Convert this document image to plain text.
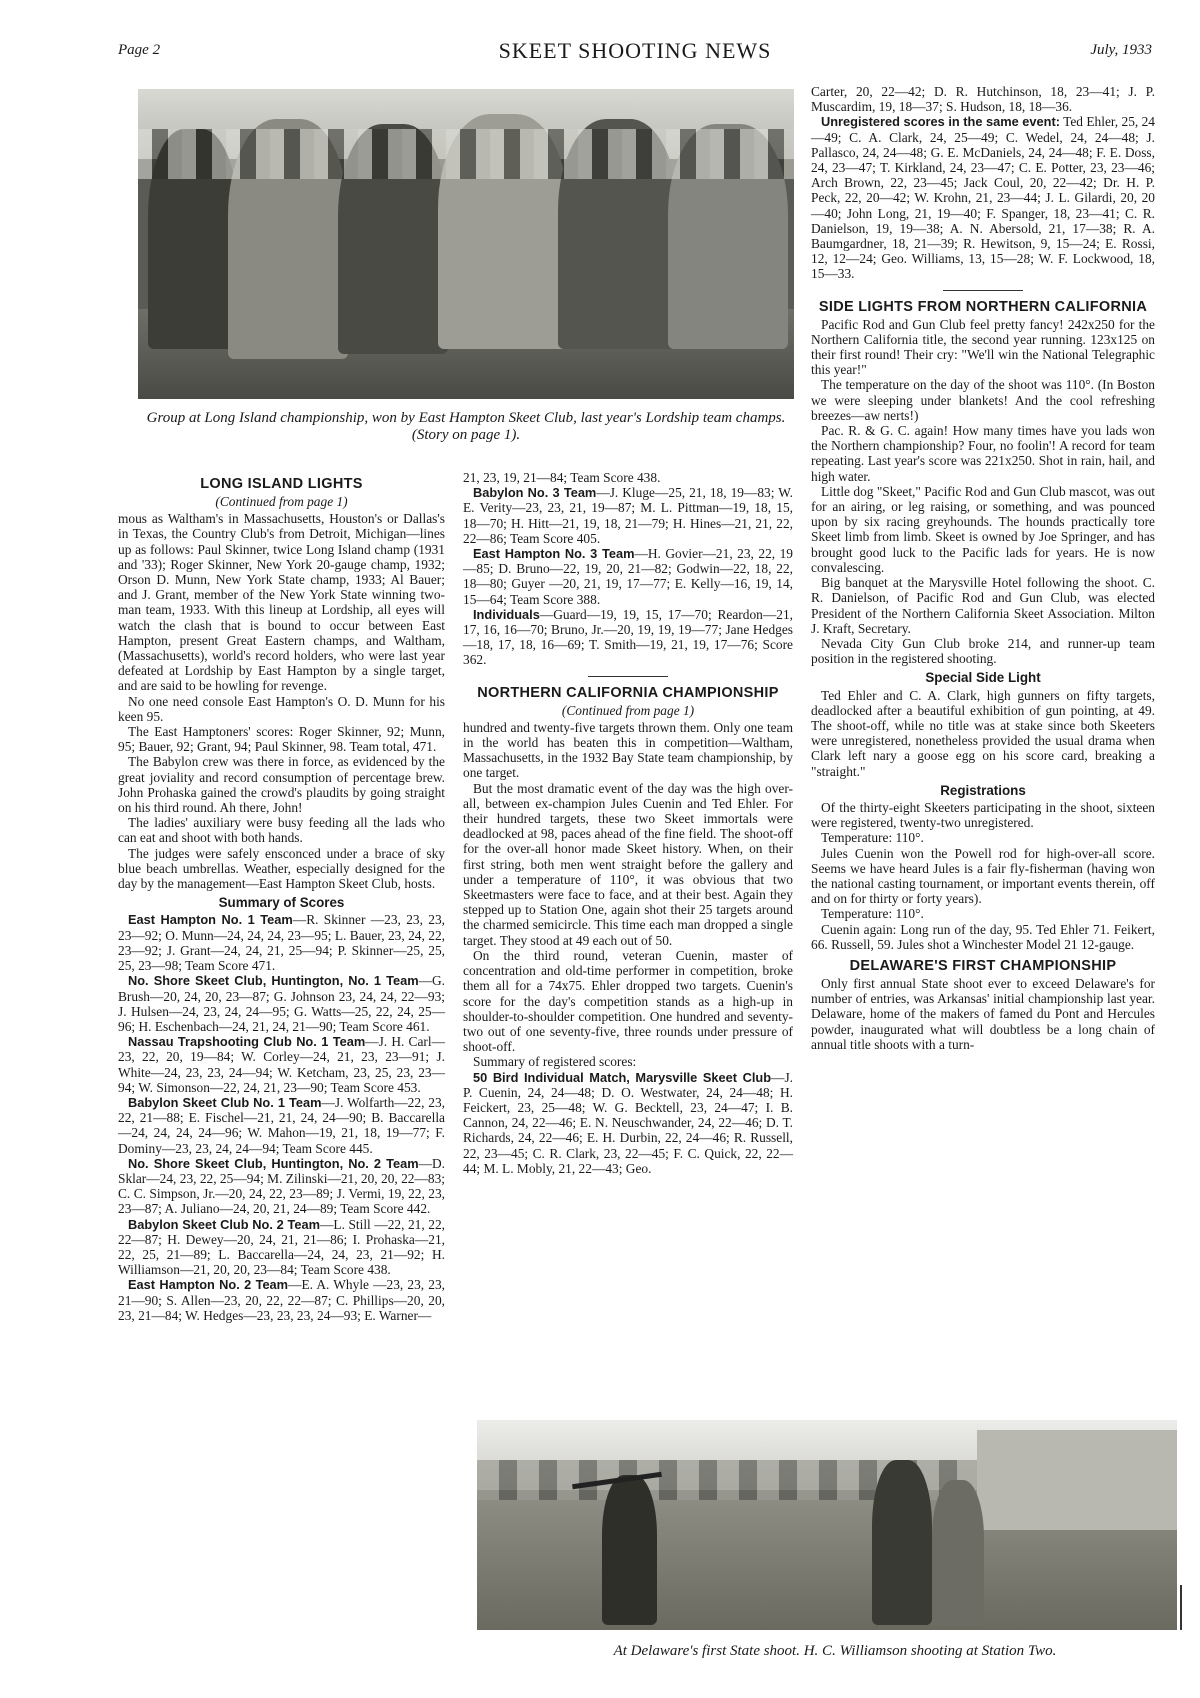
Page 2	SKEET SHOOTING NEWS	July, 1933
Group at Long Island championship, won by East Hampton Skeet Club, last year's Lordship team champs. (Story on page 1).
LONG ISLAND LIGHTS
(Continued from page 1)

mous as Waltham's in Massachusetts, Houston's or Dallas's in Texas, the Country Club's from Detroit, Michigan—lines up as follows: Paul Skinner, twice Long Island champ (1931 and '33); Roger Skinner, New York 20-gauge champ, 1932; Orson D. Munn, New York State champ, 1933; Al Bauer; and J. Grant, member of the New York State winning two-man team, 1933. With this lineup at Lordship, all eyes will watch the clash that is bound to occur between East Hampton, present Great Eastern champs, and Waltham, (Massachusetts), world's record holders, who were last year defeated at Lordship by East Hampton by a single target, and are said to be howling for revenge.

No one need console East Hampton's O. D. Munn for his keen 95.

The East Hamptoners' scores: Roger Skinner, 92; Munn, 95; Bauer, 92; Grant, 94; Paul Skinner, 98. Team total, 471.

The Babylon crew was there in force, as evidenced by the great joviality and record consumption of percentage brew. John Prohaska gained the crowd's plaudits by going straight on his third round. Ah there, John!

The ladies' auxiliary were busy feeding all the lads who can eat and shoot with both hands.

The judges were safely ensconced under a brace of sky blue beach umbrellas. Weather, especially designed for the day by the management—East Hampton Skeet Club, hosts.

Summary of Scores

East Hampton No. 1 Team—R. Skinner —23, 23, 23, 23—92; O. Munn—24, 24, 24, 23—95; L. Bauer, 23, 24, 22, 23—92; J. Grant—24, 24, 21, 25—94; P. Skinner—25, 25, 25, 23—98; Team Score 471.

No. Shore Skeet Club, Huntington, No. 1 Team—G. Brush—20, 24, 20, 23—87; G. Johnson 23, 24, 24, 22—93; J. Hulsen—24, 23, 24, 24—95; G. Watts—25, 22, 24, 25—96; H. Eschenbach—24, 21, 24, 21—90; Team Score 461.

Nassau Trapshooting Club No. 1 Team—J. H. Carl—23, 22, 20, 19—84; W. Corley—24, 21, 23, 23—91; J. White—24, 23, 23, 24—94; W. Ketcham, 23, 25, 23, 23—94; W. Simonson—22, 24, 21, 23—90; Team Score 453.

Babylon Skeet Club No. 1 Team—J. Wolfarth—22, 23, 22, 21—88; E. Fischel—21, 21, 24, 24—90; B. Baccarella—24, 24, 24, 24—96; W. Mahon—19, 21, 18, 19—77; F. Dominy—23, 23, 24, 24—94; Team Score 445.

No. Shore Skeet Club, Huntington, No. 2 Team—D. Sklar—24, 23, 22, 25—94; M. Zilinski—21, 20, 20, 22—83; C. C. Simpson, Jr.—20, 24, 22, 23—89; J. Vermi, 19, 22, 23, 23—87; A. Juliano—24, 20, 21, 24—89; Team Score 442.

Babylon Skeet Club No. 2 Team—L. Still —22, 21, 22, 22—87; H. Dewey—20, 24, 21, 21—86; I. Prohaska—21, 22, 25, 21—89; L. Baccarella—24, 24, 23, 21—92; H. Williamson—21, 20, 20, 23—84; Team Score 438.

East Hampton No. 2 Team—E. A. Whyle —23, 23, 23, 21—90; S. Allen—23, 20, 22, 22—87; C. Phillips—20, 20, 23, 21—84; W. Hedges—23, 23, 23, 24—93; E. Warner—

21, 23, 19, 21—84; Team Score 438.

Babylon No. 3 Team—J. Kluge—25, 21, 18, 19—83; W. E. Verity—23, 23, 21, 19—87; M. L. Pittman—19, 18, 15, 18—70; H. Hitt—21, 19, 18, 21—79; H. Hines—21, 21, 22, 22—86; Team Score 405.

East Hampton No. 3 Team—H. Govier—21, 23, 22, 19—85; D. Bruno—22, 19, 20, 21—82; Godwin—22, 18, 22, 18—80; Guyer —20, 21, 19, 17—77; E. Kelly—16, 19, 14, 15—64; Team Score 388.

Individuals—Guard—19, 19, 15, 17—70; Reardon—21, 17, 16, 16—70; Bruno, Jr.—20, 19, 19, 19—77; Jane Hedges—18, 17, 18, 16—69; T. Smith—19, 21, 19, 17—76; Score 362.

NORTHERN CALIFORNIA CHAMPIONSHIP
(Continued from page 1)

hundred and twenty-five targets thrown them. Only one team in the world has beaten this in competition—Waltham, Massachusetts, in the 1932 Bay State team championship, by one target.

But the most dramatic event of the day was the high over-all, between ex-champion Jules Cuenin and Ted Ehler. For their hundred targets, these two Skeet immortals were deadlocked at 98, paces ahead of the fine field. The shoot-off for the over-all honor made Skeet history. When, on their first string, both men went straight before the gallery and under a temperature of 110°, it was obvious that two Skeetmasters were face to face, and at their best. Again they stepped up to Station One, again shot their 25 targets around the charmed semicircle. This time each man dropped a single target. They stood at 49 each out of 50.

On the third round, veteran Cuenin, master of concentration and old-time performer in competition, broke them all for a 74x75. Ehler dropped two targets. Cuenin's score for the day's competition stands as a high-up in shoulder-to-shoulder competition. One hundred and seventy-two out of one seventy-five, three rounds under pressure of shoot-off.

Summary of registered scores:

50 Bird Individual Match, Marysville Skeet Club—J. P. Cuenin, 24, 24—48; D. O. Westwater, 24, 24—48; H. Feickert, 23, 25—48; W. G. Becktell, 23, 24—47; I. B. Cannon, 24, 22—46; E. N. Neuschwander, 24, 22—46; D. T. Richards, 24, 22—46; E. H. Durbin, 22, 24—46; R. Russell, 22, 23—45; C. R. Clark, 23, 22—45; F. C. Quick, 22, 22—44; M. L. Mobly, 21, 22—43; Geo.

Carter, 20, 22—42; D. R. Hutchinson, 18, 23—41; J. P. Muscardim, 19, 18—37; S. Hudson, 18, 18—36.

Unregistered scores in the same event: Ted Ehler, 25, 24—49; C. A. Clark, 24, 25—49; C. Wedel, 24, 24—48; J. Pallasco, 24, 24—48; G. E. McDaniels, 24, 24—48; F. E. Doss, 24, 23—47; T. Kirkland, 24, 23—47; C. E. Potter, 23, 23—46; Arch Brown, 22, 23—45; Jack Coul, 20, 22—42; Dr. H. P. Peck, 22, 20—42; W. Krohn, 21, 23—44; J. L. Gilardi, 20, 20—40; John Long, 21, 19—40; F. Spanger, 18, 23—41; C. R. Danielson, 19, 19—38; A. N. Abersold, 21, 17—38; R. A. Baumgardner, 18, 21—39; R. Hewitson, 9, 15—24; E. Rossi, 12, 12—24; Geo. Williams, 13, 15—28; W. F. Lockwood, 18, 15—33.

SIDE LIGHTS FROM NORTHERN CALIFORNIA

Pacific Rod and Gun Club feel pretty fancy! 242x250 for the Northern California title, the second year running. 123x125 on their first round! Their cry: "We'll win the National Telegraphic this year!"

The temperature on the day of the shoot was 110°. (In Boston we were sleeping under blankets! And the cool refreshing breezes—aw nerts!)

Pac. R. & G. C. again! How many times have you lads won the Northern championship? Four, no foolin'! A record for team repeating. Last year's score was 221x250. Shot in rain, hail, and high water.

Little dog "Skeet," Pacific Rod and Gun Club mascot, was out for an airing, or leg raising, or something, and was pounced upon by six racing greyhounds. The hounds practically tore Skeet limb from limb. Skeet is owned by Joe Springer, and has brought good luck to the Pacific lads for years. He is now convalescing.

Big banquet at the Marysville Hotel following the shoot. C. R. Danielson, of Pacific Rod and Gun Club, was elected President of the Northern California Skeet Association. Milton J. Kraft, Secretary.

Nevada City Gun Club broke 214, and runner-up team position in the registered shooting.

Special Side Light

Ted Ehler and C. A. Clark, high gunners on fifty targets, deadlocked after a beautiful exhibition of gun pointing, at 49. The shoot-off, while no title was at stake since both Skeeters were unregistered, nonetheless provided the usual drama when Clark left nary a goose egg on his score card, breaking a "straight."

Registrations

Of the thirty-eight Skeeters participating in the shoot, sixteen were registered, twenty-two unregistered.

Temperature: 110°.

Jules Cuenin won the Powell rod for high-over-all score. Seems we have heard Jules is a fair fly-fisherman (having won the national casting tournament, or important events therein, off and on for thirty or forty years).

Temperature: 110°.

Cuenin again: Long run of the day, 95. Ted Ehler 71. Feikert, 66. Russell, 59. Jules shot a Winchester Model 21 12-gauge.

DELAWARE'S FIRST CHAMPIONSHIP

Only first annual State shoot ever to exceed Delaware's for number of entries, was Arkansas' initial championship last year. Delaware, home of the makers of famed du Pont and Hercules powder, inaugurated what will doubtless be a long chain of annual title shoots with a turn-

At Delaware's first State shoot. H. C. Williamson shooting at Station Two.
